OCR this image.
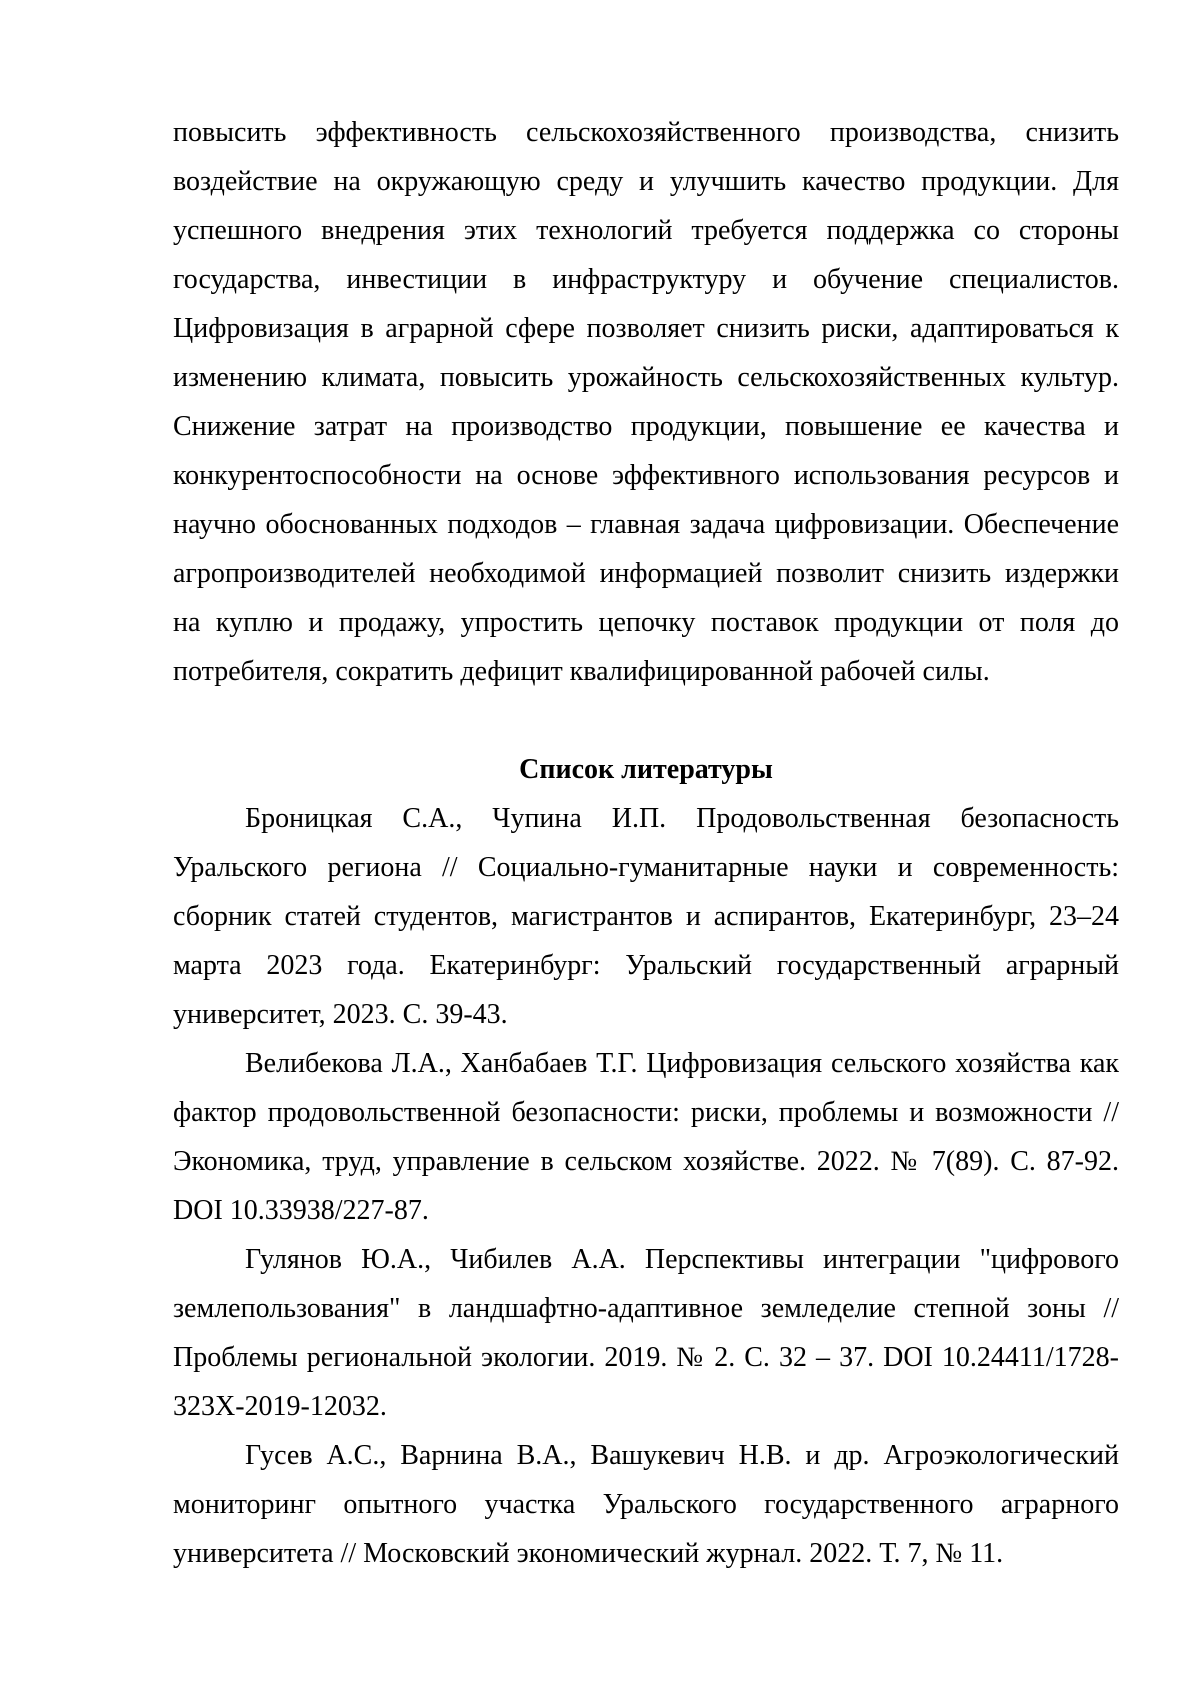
повысить эффективность сельскохозяйственного производства, снизить воздействие на окружающую среду и улучшить качество продукции. Для успешного внедрения этих технологий требуется поддержка со стороны государства, инвестиции в инфраструктуру и обучение специалистов. Цифровизация в аграрной сфере позволяет снизить риски, адаптироваться к изменению климата, повысить урожайность сельскохозяйственных культур. Снижение затрат на производство продукции, повышение ее качества и конкурентоспособности на основе эффективного использования ресурсов и научно обоснованных подходов – главная задача цифровизации. Обеспечение агропроизводителей необходимой информацией позволит снизить издержки на куплю и продажу, упростить цепочку поставок продукции от поля до потребителя, сократить дефицит квалифицированной рабочей силы.

Список литературы

Броницкая С.А., Чупина И.П. Продовольственная безопасность Уральского региона // Социально-гуманитарные науки и современность: сборник статей студентов, магистрантов и аспирантов, Екатеринбург, 23–24 марта 2023 года. Екатеринбург: Уральский государственный аграрный университет, 2023. С. 39-43.

Велибекова Л.А., Ханбабаев Т.Г. Цифровизация сельского хозяйства как фактор продовольственной безопасности: риски, проблемы и возможности // Экономика, труд, управление в сельском хозяйстве. 2022. № 7(89). С. 87-92. DOI 10.33938/227-87.

Гулянов Ю.А., Чибилев А.А. Перспективы интеграции "цифрового землепользования" в ландшафтно-адаптивное земледелие степной зоны // Проблемы региональной экологии. 2019. № 2. С. 32 – 37. DOI 10.24411/1728-323X-2019-12032.

Гусев А.С., Варнина В.А., Вашукевич Н.В. и др. Агроэкологический мониторинг опытного участка Уральского государственного аграрного университета // Московский экономический журнал. 2022. Т. 7, № 11.
